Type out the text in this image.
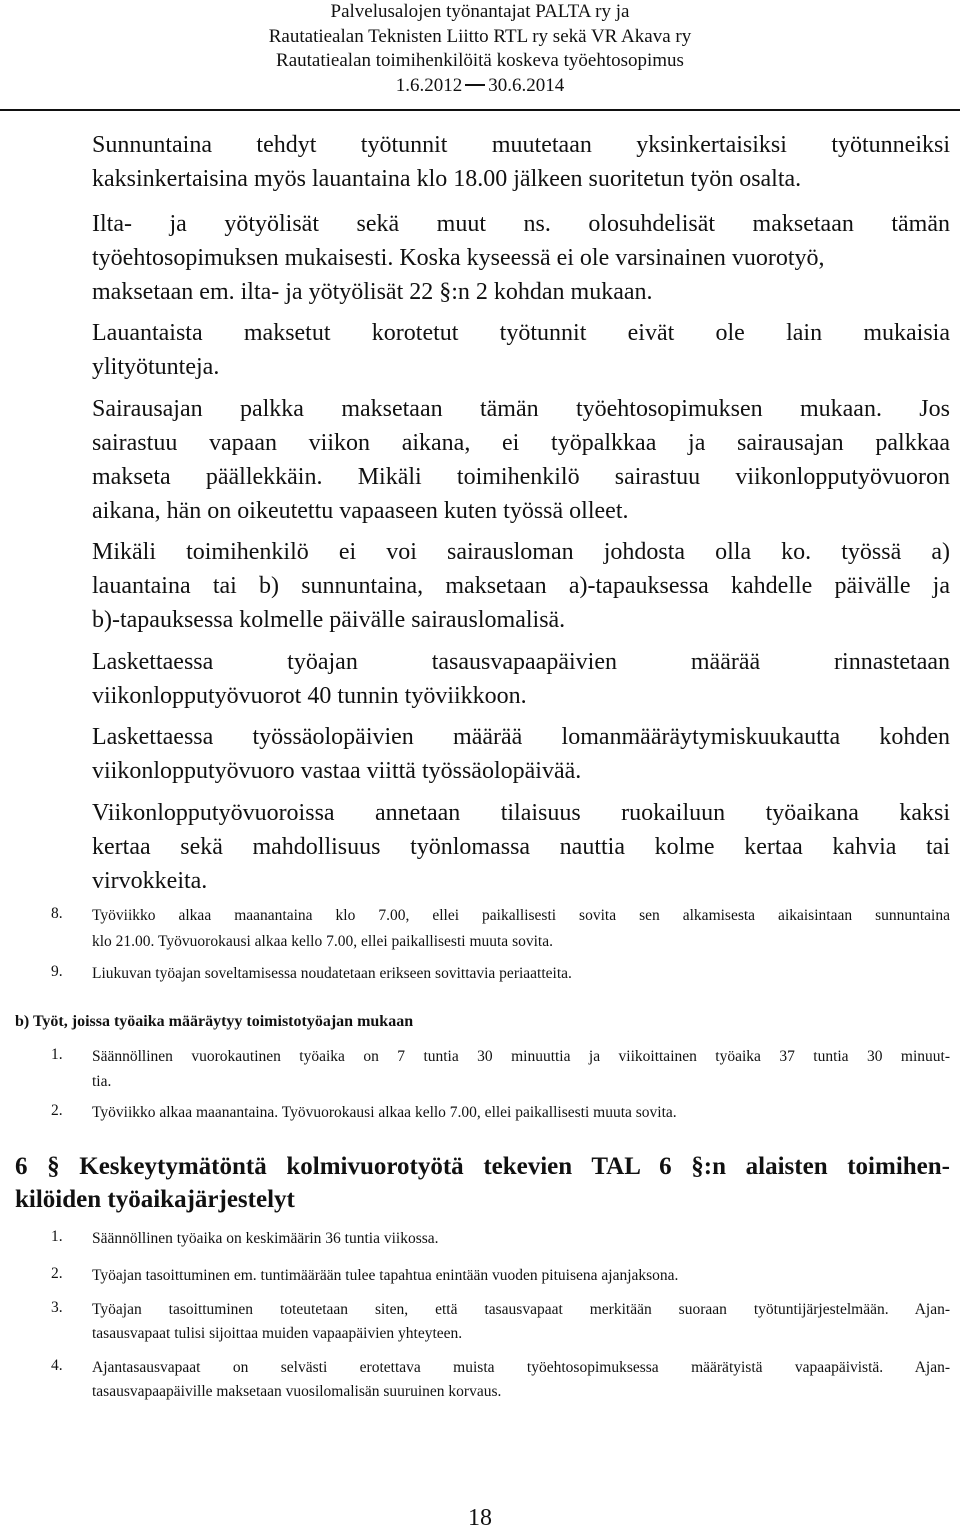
Palvelusalojen työnantajat PALTA ry ja
Rautatiealan Teknisten Liitto RTL ry sekä VR Akava ry
Rautatiealan toimihenkilöitä koskeva työehtosopimus
1.6.2012 30.6.2014
Sunnuntaina tehdyt työtunnit muutetaan yksinkertaisiksi työtunneiksi
kaksinkertaisina myös lauantaina klo 18.00 jälkeen suoritetun työn osalta.
Ilta- ja yötyölisät sekä muut ns. olosuhdelisät maksetaan tämän
työehtosopimuksen mukaisesti. Koska kyseessä ei ole varsinainen vuorotyö,
maksetaan em. ilta- ja yötyölisät 22 §:n 2 kohdan mukaan.
Lauantaista maksetut korotetut työtunnit eivät ole lain mukaisia
ylityötunteja.
Sairausajan palkka maksetaan tämän työehtosopimuksen mukaan. Jos
sairastuu vapaan viikon aikana, ei työpalkkaa ja sairausajan palkkaa
makseta päällekkäin. Mikäli toimihenkilö sairastuu viikonlopputyövuoron
aikana, hän on oikeutettu vapaaseen kuten työssä olleet.
Mikäli toimihenkilö ei voi sairausloman johdosta olla ko. työssä a)
lauantaina tai b) sunnuntaina, maksetaan a)-tapauksessa kahdelle päivälle ja
b)-tapauksessa kolmelle päivälle sairauslomalisä.
Laskettaessa työajan tasausvapaapäivien määrää rinnastetaan
viikonlopputyövuorot 40 tunnin työviikkoon.
Laskettaessa työssäolopäivien määrää lomanmääräytymiskuukautta kohden
viikonlopputyövuoro vastaa viittä työssäolopäivää.
Viikonlopputyövuoroissa annetaan tilaisuus ruokailuun työaikana kaksi
kertaa sekä mahdollisuus työnlomassa nauttia kolme kertaa kahvia tai
virvokkeita.
8. Työviikko alkaa maanantaina klo 7.00, ellei paikallisesti sovita sen alkamisesta aikaisintaan sunnuntaina
klo 21.00. Työvuorokausi alkaa kello 7.00, ellei paikallisesti muuta sovita.
9. Liukuvan työajan soveltamisessa noudatetaan erikseen sovittavia periaatteita.
b) Työt, joissa työaika määräytyy toimistotyöajan mukaan
1. Säännöllinen vuorokautinen työaika on 7 tuntia 30 minuuttia ja viikoittainen työaika 37 tuntia 30 minuut-
tia.
2. Työviikko alkaa maanantaina. Työvuorokausi alkaa kello 7.00, ellei paikallisesti muuta sovita.
6 § Keskeytymätöntä kolmivuorotyötä tekevien TAL 6 §:n alaisten toimihen-
kilöiden työaikajärjestelyt
1. Säännöllinen työaika on keskimäärin 36 tuntia viikossa.
2. Työajan tasoittuminen em. tuntimäärään tulee tapahtua enintään vuoden pituisena ajanjaksona.
3. Työajan tasoittuminen toteutetaan siten, että tasausvapaat merkitään suoraan työtuntijärjestelmään. Ajan-
tasausvapaat tulisi sijoittaa muiden vapaapäivien yhteyteen.
4. Ajantasausvapaat on selvästi erotettava muista työehtosopimuksessa määrätyistä vapaapäivistä. Ajan-
tasausvapaapäiville maksetaan vuosilomalisän suuruinen korvaus.
18
